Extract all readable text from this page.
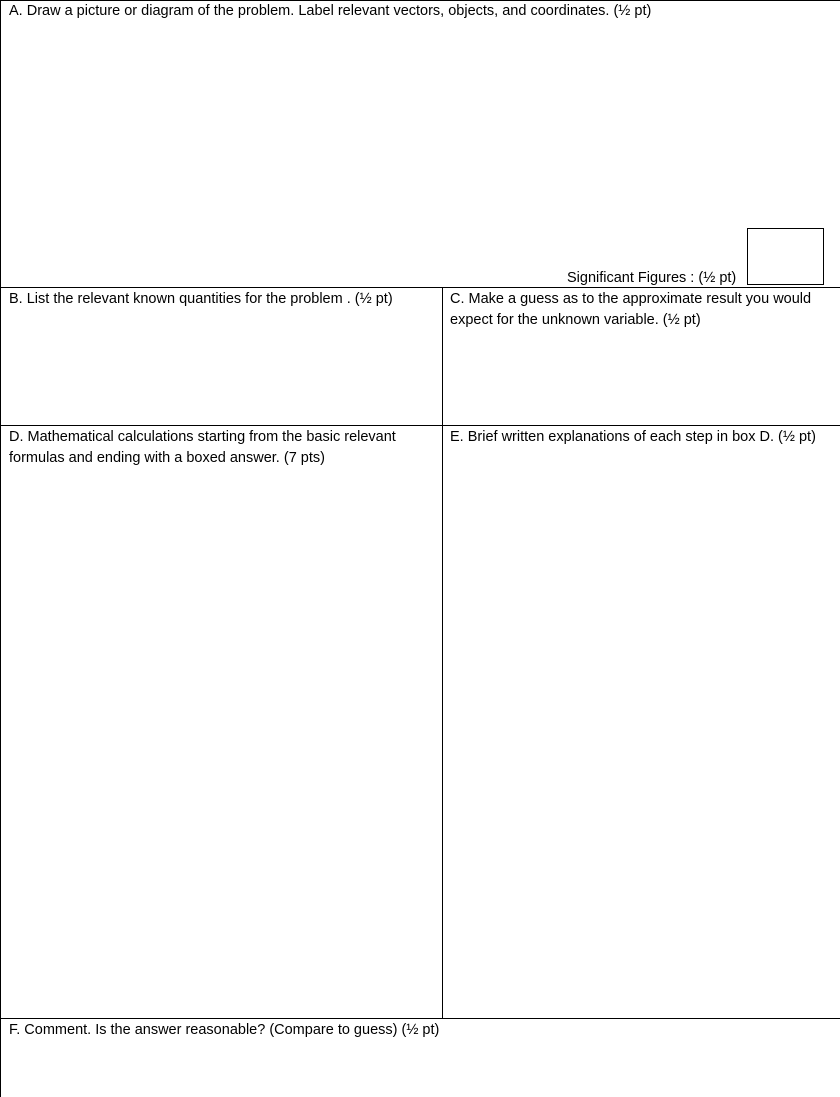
A. Draw a picture or diagram of the problem. Label relevant vectors, objects, and coordinates. (½ pt)
Significant Figures : (½ pt)
B. List the relevant known quantities for the problem . (½ pt)	C. Make a guess as to the approximate result you would expect for the unknown variable. (½ pt)
D. Mathematical calculations starting from the basic relevant formulas and ending with a boxed answer. (7 pts)
E. Brief written explanations of each step in box D. (½ pt)
F. Comment. Is the answer reasonable? (Compare to guess) (½ pt)
